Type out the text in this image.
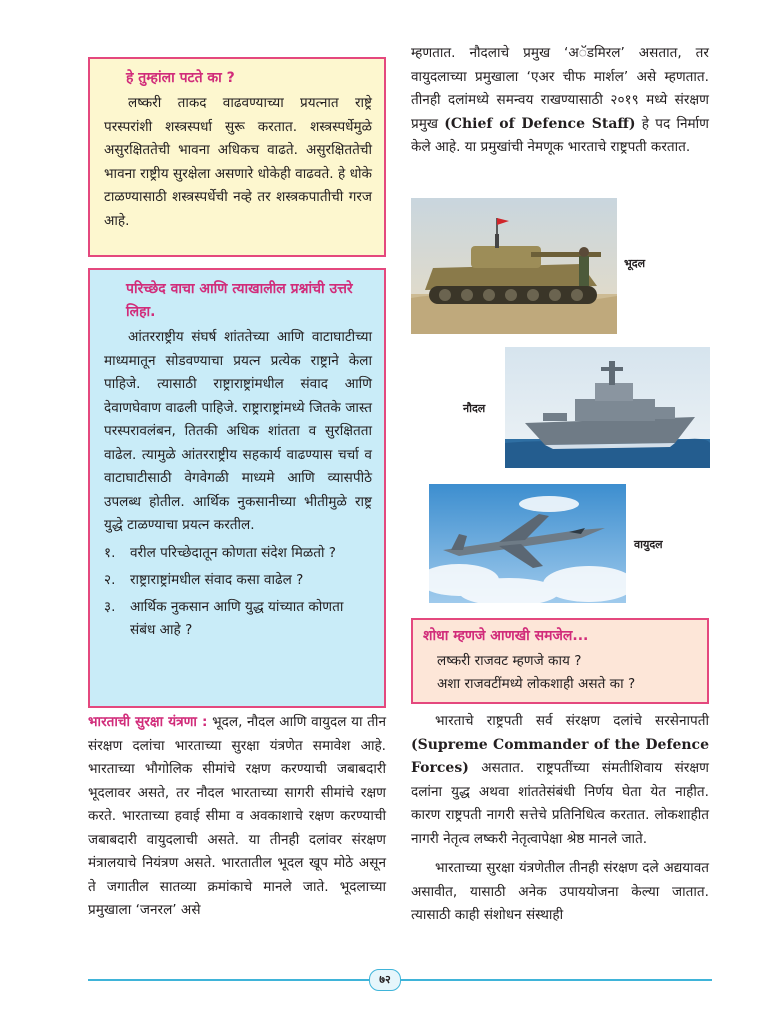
हे तुम्हांला पटते का ?

लष्करी ताकद वाढवण्याच्या प्रयत्नात राष्ट्रे परस्परांशी शस्त्रस्पर्धा सुरू करतात. शस्त्रस्पर्धेमुळे असुरक्षिततेची भावना अधिकच वाढते. असुरक्षिततेची भावना राष्ट्रीय सुरक्षेला असणारे धोकेही वाढवते. हे धोके टाळण्यासाठी शस्त्रस्पर्धेची नव्हे तर शस्त्रकपातीची गरज आहे.

परिच्छेद वाचा आणि त्याखालील प्रश्नांची उत्तरे लिहा.

आंतरराष्ट्रीय संघर्ष शांततेच्या आणि वाटाघाटीच्या माध्यमातून सोडवण्याचा प्रयत्न प्रत्येक राष्ट्राने केला पाहिजे. त्यासाठी राष्ट्राराष्ट्रांमधील संवाद आणि देवाणघेवाण वाढली पाहिजे. राष्ट्राराष्ट्रांमध्ये जितके जास्त परस्परावलंबन, तितकी अधिक शांतता व सुरक्षितता वाढेल. त्यामुळे आंतरराष्ट्रीय सहकार्य वाढण्यास चर्चा व वाटाघाटीसाठी वेगवेगळी माध्यमे आणि व्यासपीठे उपलब्ध होतील. आर्थिक नुकसानीच्या भीतीमुळे राष्ट्र युद्धे टाळण्याचा प्रयत्न करतील.

१. वरील परिच्छेदातून कोणता संदेश मिळतो ?
२. राष्ट्राराष्ट्रांमधील संवाद कसा वाढेल ?
३. आर्थिक नुकसान आणि युद्ध यांच्यात कोणता संबंध आहे ?
भारताची सुरक्षा यंत्रणा : भूदल, नौदल आणि वायुदल या तीन संरक्षण दलांचा भारताच्या सुरक्षा यंत्रणेत समावेश आहे. भारताच्या भौगोलिक सीमांचे रक्षण करण्याची जबाबदारी भूदलावर असते, तर नौदल भारताच्या सागरी सीमांचे रक्षण करते. भारताच्या हवाई सीमा व अवकाशाचे रक्षण करण्याची जबाबदारी वायुदलाची असते. या तीनही दलांवर संरक्षण मंत्रालयाचे नियंत्रण असते. भारतातील भूदल खूप मोठे असून ते जगातील सातव्या क्रमांकाचे मानले जाते. भूदलाच्या प्रमुखाला ‘जनरल’ असे
म्हणतात. नौदलाचे प्रमुख ‘अॅडमिरल’ असतात, तर वायुदलाच्या प्रमुखाला ‘एअर चीफ मार्शल’ असे म्हणतात. तीनही दलांमध्ये समन्वय राखण्यासाठी २०१९ मध्ये संरक्षण प्रमुख (Chief of Defence Staff) हे पद निर्माण केले आहे. या प्रमुखांची नेमणूक भारताचे राष्ट्रपती करतात.
भूदल
नौदल
वायुदल
शोधा म्हणजे आणखी समजेल...
लष्करी राजवट म्हणजे काय ?
अशा राजवटींमध्ये लोकशाही असते का ?

भारताचे राष्ट्रपती सर्व संरक्षण दलांचे सरसेनापती (Supreme Commander of the Defence Forces) असतात. राष्ट्रपतींच्या संमतीशिवाय संरक्षण दलांना युद्ध अथवा शांततेसंबंधी निर्णय घेता येत नाहीत. कारण राष्ट्रपती नागरी सत्तेचे प्रतिनिधित्व करतात. लोकशाहीत नागरी नेतृत्व लष्करी नेतृत्वापेक्षा श्रेष्ठ मानले जाते.

भारताच्या सुरक्षा यंत्रणेतील तीनही संरक्षण दले अद्ययावत असावीत, यासाठी अनेक उपाययोजना केल्या जातात. त्यासाठी काही संशोधन संस्थाही

७२
